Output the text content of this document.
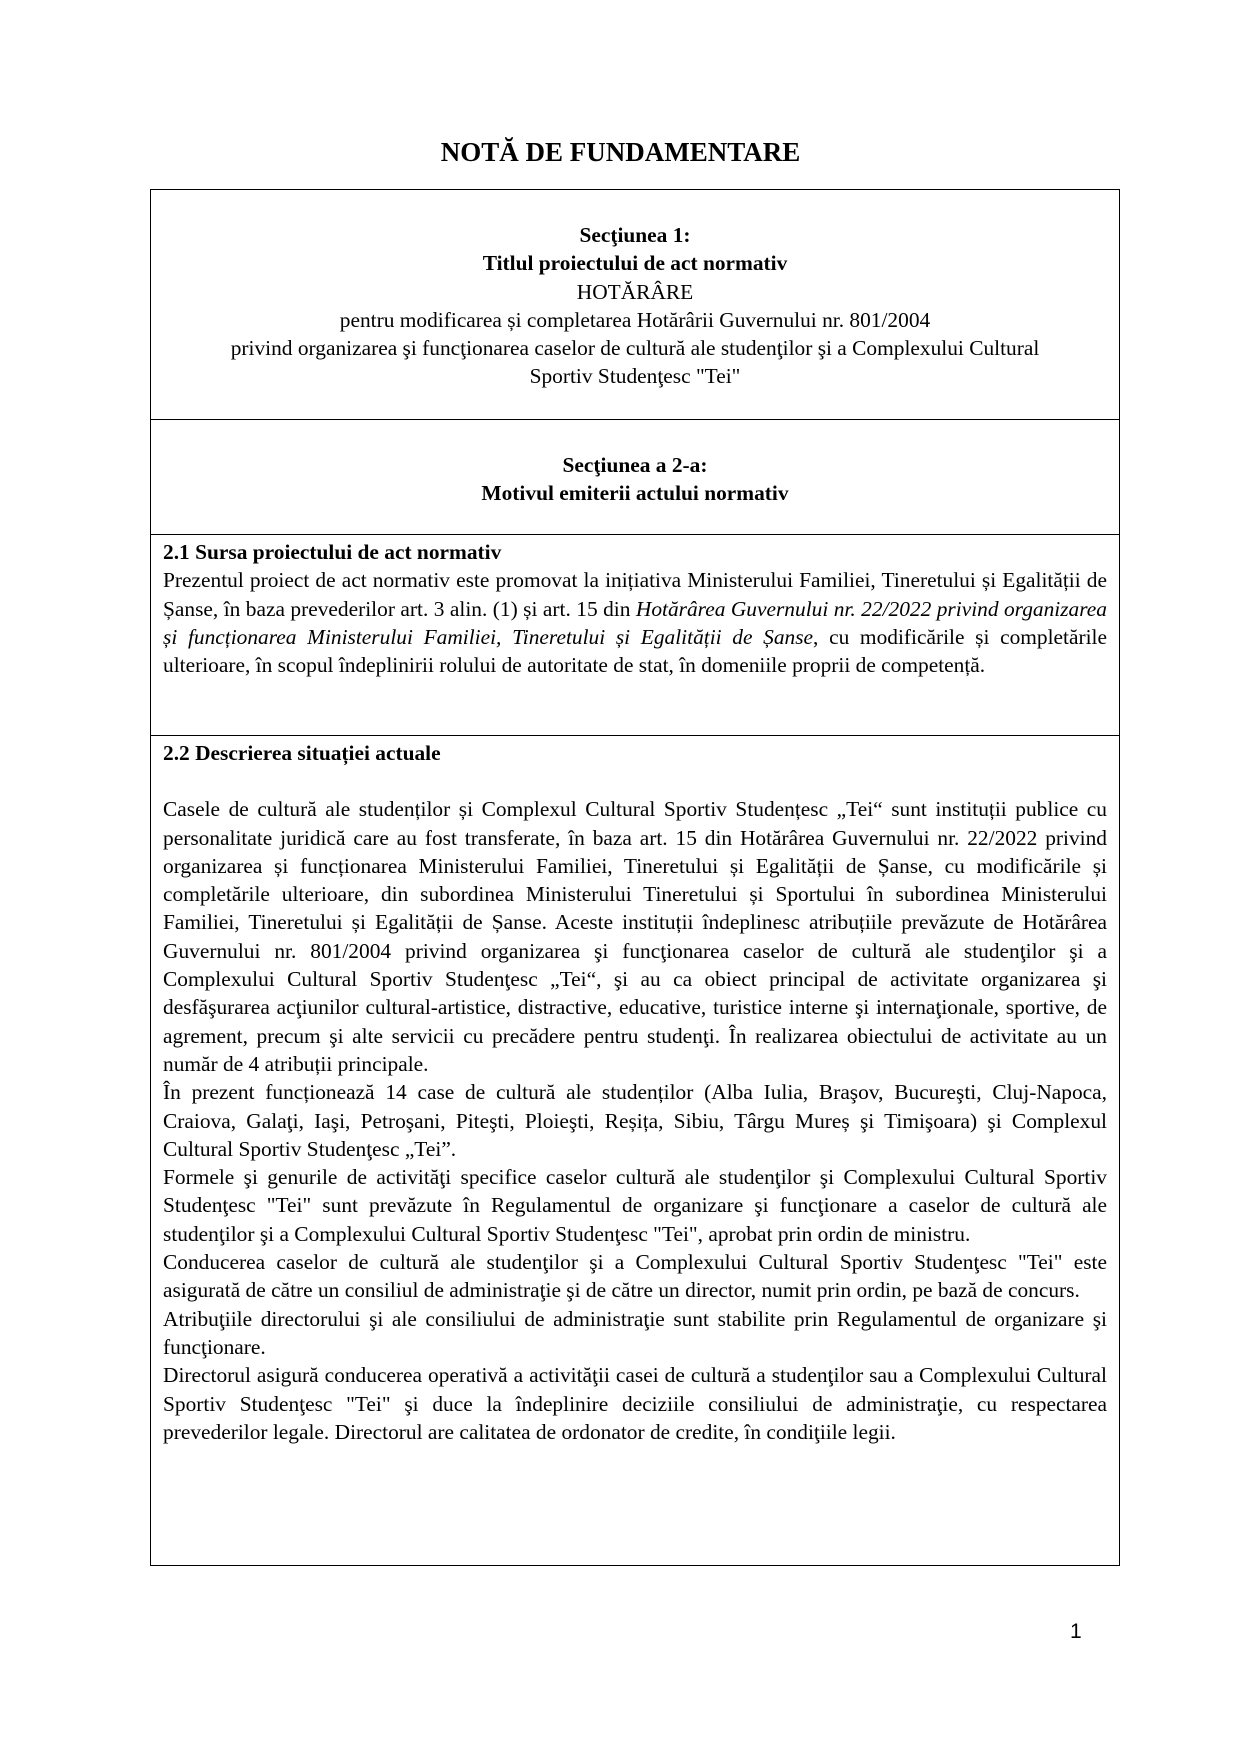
NOTĂ DE FUNDAMENTARE
Secţiunea 1:
Titlul proiectului de act normativ
HOTĂRÂRE
pentru modificarea și completarea Hotărârii Guvernului nr. 801/2004
privind organizarea şi funcţionarea caselor de cultură ale studenţilor şi a Complexului Cultural
Sportiv Studenţesc "Tei"
Secţiunea a 2-a:
Motivul emiterii actului normativ
2.1 Sursa proiectului de act normativ

Prezentul proiect de act normativ este promovat la inițiativa Ministerului Familiei, Tineretului și Egalității de Șanse, în baza prevederilor art. 3 alin. (1) și art. 15 din Hotărârea Guvernului nr. 22/2022 privind organizarea și funcționarea Ministerului Familiei, Tineretului și Egalității de Șanse, cu modificările și completările ulterioare, în scopul îndeplinirii rolului de autoritate de stat, în domeniile proprii de competență.

2.2 Descrierea situației actuale

Casele de cultură ale studenților și Complexul Cultural Sportiv Studențesc „Tei“ sunt instituții publice cu personalitate juridică care au fost transferate, în baza art. 15 din Hotărârea Guvernului nr. 22/2022 privind organizarea și funcționarea Ministerului Familiei, Tineretului și Egalității de Șanse, cu modificările și completările ulterioare, din subordinea Ministerului Tineretului și Sportului în subordinea Ministerului Familiei, Tineretului și Egalității de Șanse. Aceste instituții îndeplinesc atribuțiile prevăzute de Hotărârea Guvernului nr. 801/2004 privind organizarea şi funcţionarea caselor de cultură ale studenţilor şi a Complexului Cultural Sportiv Studenţesc „Tei“, şi au ca obiect principal de activitate organizarea şi desfăşurarea acţiunilor cultural-artistice, distractive, educative, turistice interne şi internaţionale, sportive, de agrement, precum şi alte servicii cu precădere pentru studenţi. În realizarea obiectului de activitate au un număr de 4 atribuții principale.

În prezent funcționează 14 case de cultură ale studenților (Alba Iulia, Braşov, Bucureşti, Cluj-Napoca, Craiova, Galaţi, Iaşi, Petroşani, Piteşti, Ploieşti, Reșița, Sibiu, Târgu Mureș şi Timişoara) şi Complexul Cultural Sportiv Studenţesc „Tei”.

Formele şi genurile de activităţi specifice caselor cultură ale studenţilor şi Complexului Cultural Sportiv Studenţesc "Tei" sunt prevăzute în Regulamentul de organizare şi funcţionare a caselor de cultură ale studenţilor şi a Complexului Cultural Sportiv Studenţesc "Tei", aprobat prin ordin de ministru.

Conducerea caselor de cultură ale studenţilor şi a Complexului Cultural Sportiv Studenţesc "Tei" este asigurată de către un consiliul de administraţie şi de către un director, numit prin ordin, pe bază de concurs.

Atribuţiile directorului şi ale consiliului de administraţie sunt stabilite prin Regulamentul de organizare şi funcţionare.

Directorul asigură conducerea operativă a activităţii casei de cultură a studenţilor sau a Complexului Cultural Sportiv Studenţesc "Tei" şi duce la îndeplinire deciziile consiliului de administraţie, cu respectarea prevederilor legale. Directorul are calitatea de ordonator de credite, în condiţiile legii.

1
